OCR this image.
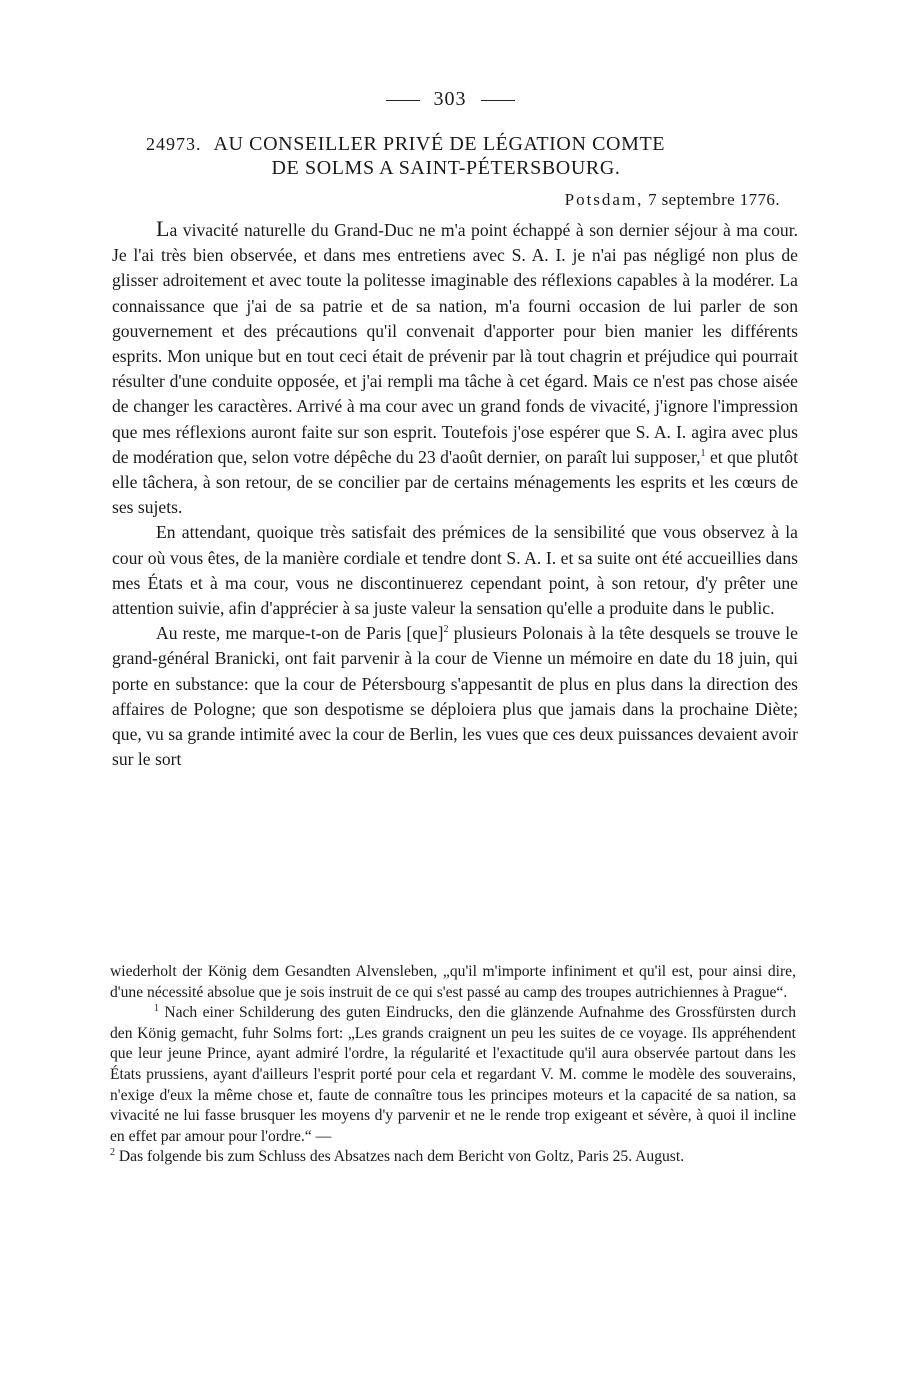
303
24973. AU CONSEILLER PRIVÉ DE LÉGATION COMTE
DE SOLMS A SAINT-PÉTERSBOURG.
Potsdam, 7 septembre 1776.

La vivacité naturelle du Grand-Duc ne m'a point échappé à son dernier séjour à ma cour. Je l'ai très bien observée, et dans mes entretiens avec S. A. I. je n'ai pas négligé non plus de glisser adroitement et avec toute la politesse imaginable des réflexions capables à la modérer. La connaissance que j'ai de sa patrie et de sa nation, m'a fourni occasion de lui parler de son gouvernement et des précautions qu'il convenait d'apporter pour bien manier les différents esprits. Mon unique but en tout ceci était de prévenir par là tout chagrin et préjudice qui pourrait résulter d'une conduite opposée, et j'ai rempli ma tâche à cet égard. Mais ce n'est pas chose aisée de changer les caractères. Arrivé à ma cour avec un grand fonds de vivacité, j'ignore l'impression que mes réflexions auront faite sur son esprit. Toutefois j'ose espérer que S. A. I. agira avec plus de modération que, selon votre dépêche du 23 d'août dernier, on paraît lui supposer,$^1$ et que plutôt elle tâchera, à son retour, de se concilier par de certains ménagements les esprits et les cœurs de ses sujets.

En attendant, quoique très satisfait des prémices de la sensibilité que vous observez à la cour où vous êtes, de la manière cordiale et tendre dont S. A. I. et sa suite ont été accueillies dans mes États et à ma cour, vous ne discontinuerez cependant point, à son retour, d'y prêter une attention suivie, afin d'apprécier à sa juste valeur la sensation qu'elle a produite dans le public.

Au reste, me marque-t-on de Paris [que]$^2$ plusieurs Polonais à la tête desquels se trouve le grand-général Branicki, ont fait parvenir à la cour de Vienne un mémoire en date du 18 juin, qui porte en substance: que la cour de Pétersbourg s'appesantit de plus en plus dans la direction des affaires de Pologne; que son despotisme se déploiera plus que jamais dans la prochaine Diète; que, vu sa grande intimité avec la cour de Berlin, les vues que ces deux puissances devaient avoir sur le sort

wiederholt der König dem Gesandten Alvensleben, „qu'il m'importe infiniment et qu'il est, pour ainsi dire, d'une nécessité absolue que je sois instruit de ce qui s'est passé au camp des troupes autrichiennes à Prague“.

$^1$ Nach einer Schilderung des guten Eindrucks, den die glänzende Aufnahme des Grossfürsten durch den König gemacht, fuhr Solms fort: „Les grands craignent un peu les suites de ce voyage. Ils appréhendent que leur jeune Prince, ayant admiré l'ordre, la régularité et l'exactitude qu'il aura observée partout dans les États prussiens, ayant d'ailleurs l'esprit porté pour cela et regardant V. M. comme le modèle des souverains, n'exige d'eux la même chose et, faute de connaître tous les principes moteurs et la capacité de sa nation, sa vivacité ne lui fasse brusquer les moyens d'y parvenir et ne le rende trop exigeant et sévère, à quoi il incline en effet par amour pour l'ordre.“ —

$^2$ Das folgende bis zum Schluss des Absatzes nach dem Bericht von Goltz, Paris 25. August.
